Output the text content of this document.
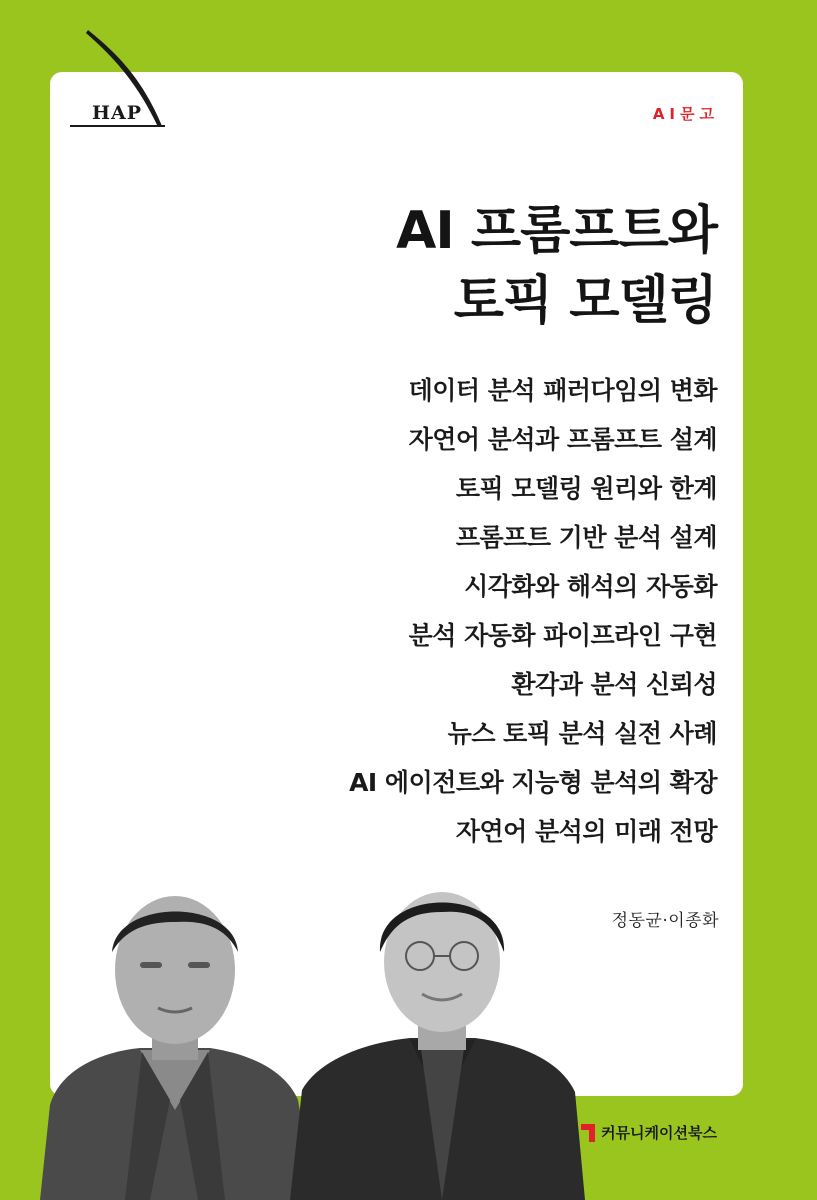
HAP	AI문고
AI 프롬프트와
토픽 모델링
데이터 분석 패러다임의 변화
자연어 분석과 프롬프트 설계
토픽 모델링 원리와 한계
프롬프트 기반 분석 설계
시각화와 해석의 자동화
분석 자동화 파이프라인 구현
환각과 분석 신뢰성
뉴스 토픽 분석 실전 사례
AI 에이전트와 지능형 분석의 확장
자연어 분석의 미래 전망
정동균·이종화
커뮤니케이션북스
